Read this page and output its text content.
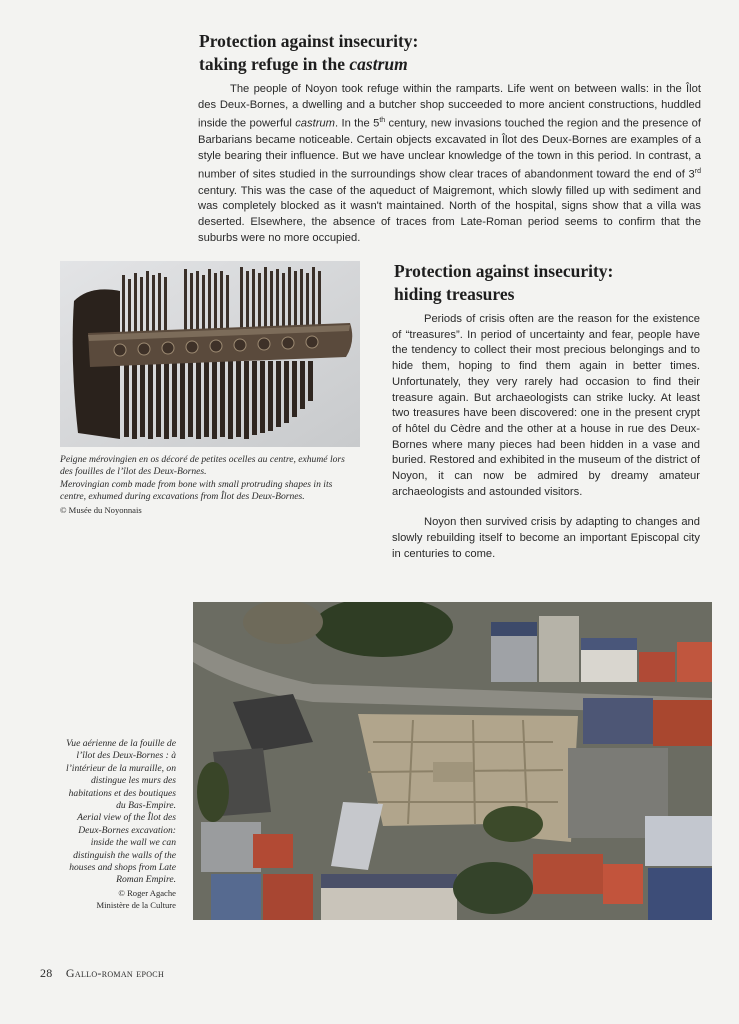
Protection against insecurity:
taking refuge in the castrum

The people of Noyon took refuge within the ramparts. Life went on between walls: in the Îlot des Deux-Bornes, a dwelling and a butcher shop succeeded to more ancient constructions, huddled inside the powerful castrum. In the 5th century, new invasions touched the region and the presence of Barbarians became noticeable. Certain objects excavated in Îlot des Deux-Bornes are examples of a style bearing their influence. But we have unclear knowledge of the town in this period. In contrast, a number of sites studied in the surroundings show clear traces of abandonment toward the end of 3rd century. This was the case of the aqueduct of Maigremont, which slowly filled up with sediment and was completely blocked as it wasn't maintained. North of the hospital, signs show that a villa was deserted. Elsewhere, the absence of traces from Late-Roman period seems to confirm that the suburbs were no more occupied.

Peigne mérovingien en os décoré de petites ocelles au centre, exhumé lors des fouilles de l’îlot des Deux-Bornes.
Merovingian comb made from bone with small protruding shapes in its centre, exhumed during excavations from Îlot des Deux-Bornes.
© Musée du Noyonnais
Protection against insecurity:
hiding treasures

Periods of crisis often are the reason for the existence of “treasures”. In period of uncertainty and fear, people have the tendency to collect their most precious belongings and to hide them, hoping to find them again in better times. Unfortunately, they very rarely had occasion to find their treasure again. But archaeologists can strike lucky. At least two treasures have been discovered: one in the present crypt of hôtel du Cèdre and the other at a house in rue des Deux-Bornes where many pieces had been hidden in a vase and buried. Restored and exhibited in the museum of the district of Noyon, it can now be admired by dreamy amateur archaeologists and astounded visitors.

Noyon then survived crisis by adapting to changes and slowly rebuilding itself to become an important Episcopal city in centuries to come.

Vue aérienne de la fouille de l’îlot des Deux-Bornes : à l’intérieur de la muraille, on distingue les murs des habitations et des boutiques du Bas-Empire.
Aerial view of the Îlot des Deux-Bornes excavation: inside the wall we can distinguish the walls of the houses and shops from Late Roman Empire.
© Roger Agache
Ministère de la Culture
28 Gallo-roman epoch
